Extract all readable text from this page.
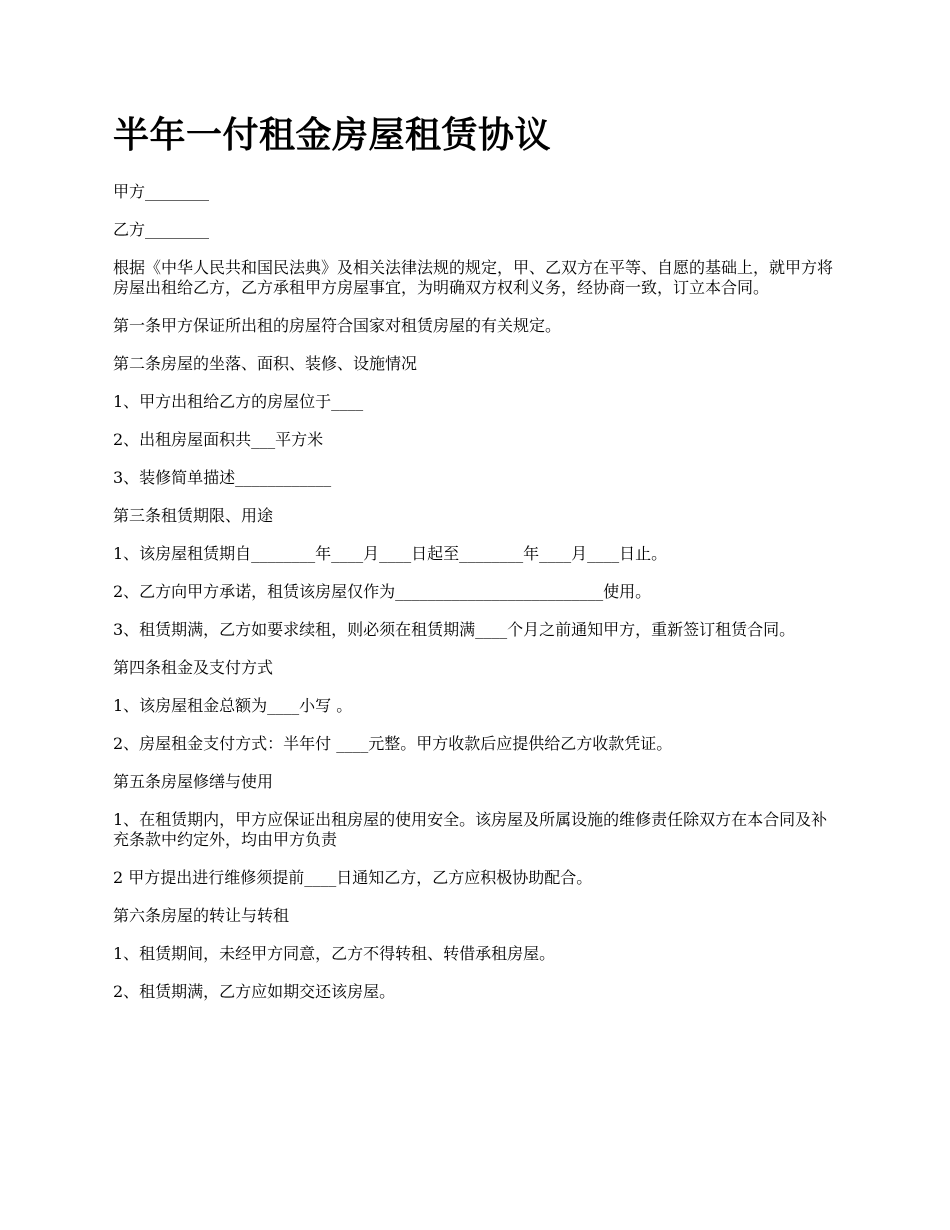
半年一付租金房屋租赁协议

甲方________

乙方________

根据《中华人民共和国民法典》及相关法律法规的规定，甲、乙双方在平等、自愿的基础上，就甲方将房屋出租给乙方，乙方承租甲方房屋事宜，为明确双方权利义务，经协商一致，订立本合同。

第一条甲方保证所出租的房屋符合国家对租赁房屋的有关规定。

第二条房屋的坐落、面积、装修、设施情况

1、甲方出租给乙方的房屋位于____

2、出租房屋面积共___平方米

3、装修简单描述____________

第三条租赁期限、用途

1、该房屋租赁期自________年____月____日起至________年____月____日止。

2、乙方向甲方承诺，租赁该房屋仅作为__________________________使用。

3、租赁期满，乙方如要求续租，则必须在租赁期满____个月之前通知甲方，重新签订租赁合同。

第四条租金及支付方式

1、该房屋租金总额为____小写 。

2、房屋租金支付方式：半年付 ____元整。甲方收款后应提供给乙方收款凭证。

第五条房屋修缮与使用

1、在租赁期内，甲方应保证出租房屋的使用安全。该房屋及所属设施的维修责任除双方在本合同及补充条款中约定外，均由甲方负责

2 甲方提出进行维修须提前____日通知乙方，乙方应积极协助配合。

第六条房屋的转让与转租

1、租赁期间，未经甲方同意，乙方不得转租、转借承租房屋。

2、租赁期满，乙方应如期交还该房屋。
